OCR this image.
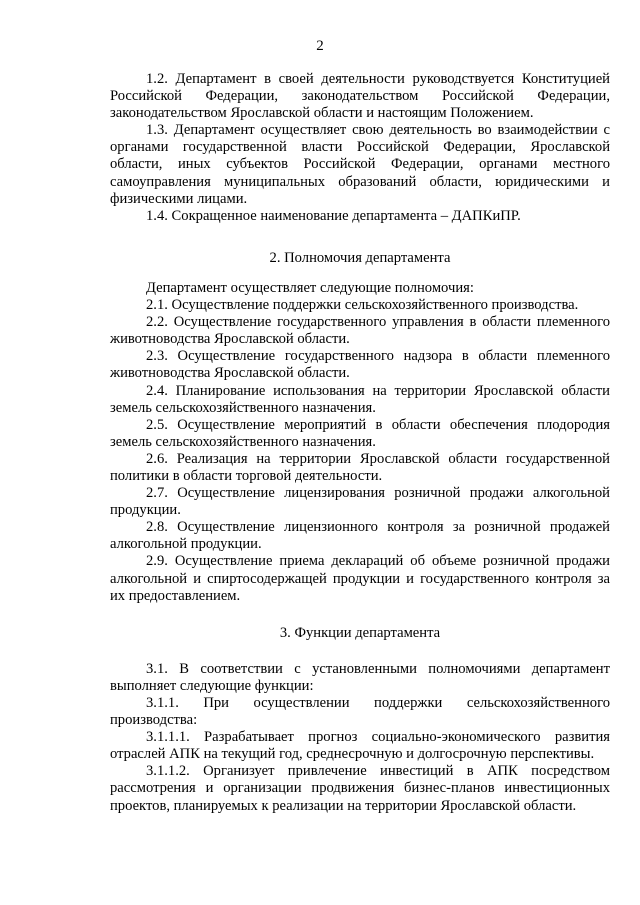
2

1.2. Департамент в своей деятельности руководствуется Конституцией Российской Федерации, законодательством Российской Федерации, законодательством Ярославской области и настоящим Положением.

1.3. Департамент осуществляет свою деятельность во взаимодействии с органами государственной власти Российской Федерации, Ярославской области, иных субъектов Российской Федерации, органами местного самоуправления муниципальных образований области, юридическими и физическими лицами.

1.4. Сокращенное наименование департамента – ДАПКиПР.

2. Полномочия департамента

Департамент осуществляет следующие полномочия:

2.1. Осуществление поддержки сельскохозяйственного производства.

2.2. Осуществление государственного управления в области племенного животноводства Ярославской области.

2.3. Осуществление государственного надзора в области племенного животноводства Ярославской области.

2.4. Планирование использования на территории Ярославской области земель сельскохозяйственного назначения.

2.5. Осуществление мероприятий в области обеспечения плодородия земель сельскохозяйственного назначения.

2.6. Реализация на территории Ярославской области государственной политики в области торговой деятельности.

2.7. Осуществление лицензирования розничной продажи алкогольной продукции.

2.8. Осуществление лицензионного контроля за розничной продажей алкогольной продукции.

2.9. Осуществление приема деклараций об объеме розничной продажи алкогольной и спиртосодержащей продукции и государственного контроля за их предоставлением.

3. Функции департамента

3.1. В соответствии с установленными полномочиями департамент выполняет следующие функции:

3.1.1. При осуществлении поддержки сельскохозяйственного производства:

3.1.1.1. Разрабатывает прогноз социально-экономического развития отраслей АПК на текущий год, среднесрочную и долгосрочную перспективы.

3.1.1.2. Организует привлечение инвестиций в АПК посредством рассмотрения и организации продвижения бизнес-планов инвестиционных проектов, планируемых к реализации на территории Ярославской области.
